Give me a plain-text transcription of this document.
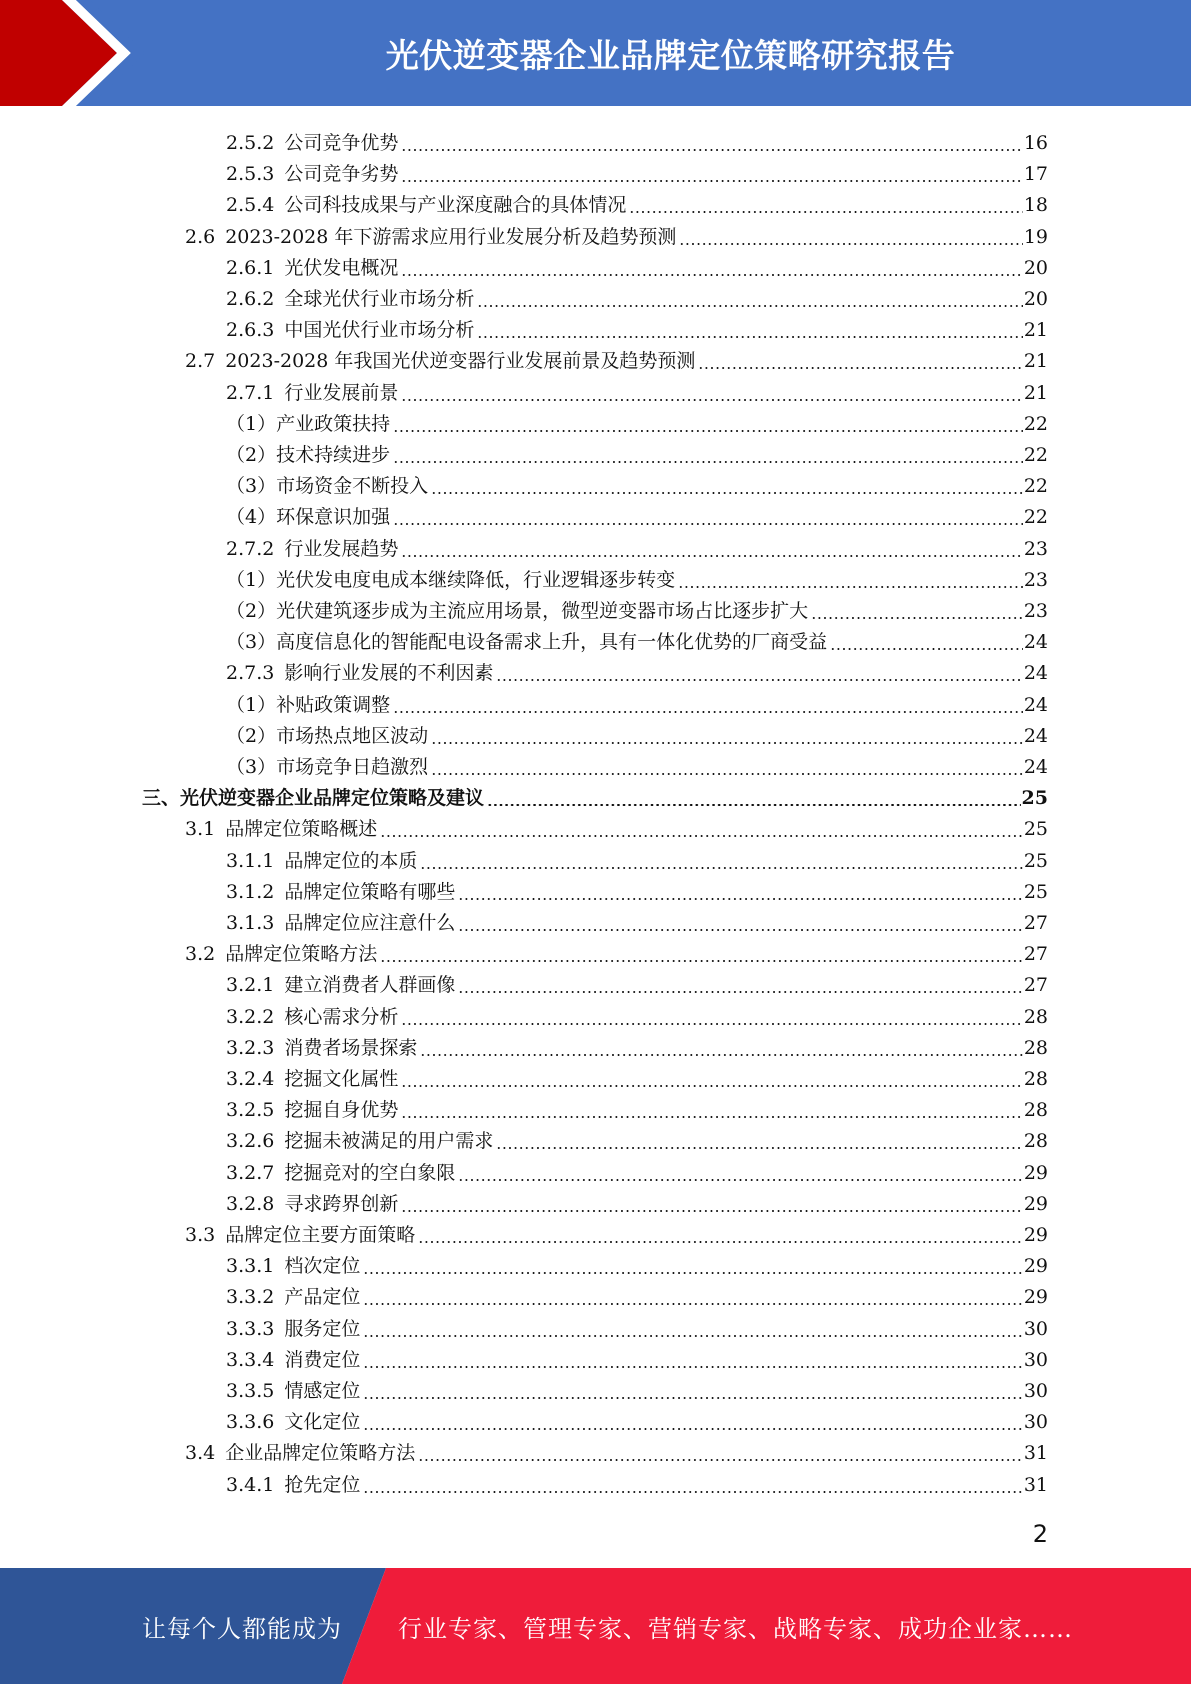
光伏逆变器企业品牌定位策略研究报告
2.5.2 公司竞争优势	16
2.5.3 公司竞争劣势	17
2.5.4 公司科技成果与产业深度融合的具体情况	18
2.6 2023-2028 年下游需求应用行业发展分析及趋势预测	19
2.6.1 光伏发电概况	20
2.6.2 全球光伏行业市场分析	20
2.6.3 中国光伏行业市场分析	21
2.7 2023-2028 年我国光伏逆变器行业发展前景及趋势预测	21
2.7.1 行业发展前景	21
（1）产业政策扶持	22
（2）技术持续进步	22
（3）市场资金不断投入	22
（4）环保意识加强	22
2.7.2 行业发展趋势	23
（1）光伏发电度电成本继续降低，行业逻辑逐步转变	23
（2）光伏建筑逐步成为主流应用场景，微型逆变器市场占比逐步扩大	23
（3）高度信息化的智能配电设备需求上升，具有一体化优势的厂商受益	24
2.7.3 影响行业发展的不利因素	24
（1）补贴政策调整	24
（2）市场热点地区波动	24
（3）市场竞争日趋激烈	24
三、光伏逆变器企业品牌定位策略及建议	25
3.1 品牌定位策略概述	25
3.1.1 品牌定位的本质	25
3.1.2 品牌定位策略有哪些	25
3.1.3 品牌定位应注意什么	27
3.2 品牌定位策略方法	27
3.2.1 建立消费者人群画像	27
3.2.2 核心需求分析	28
3.2.3 消费者场景探索	28
3.2.4 挖掘文化属性	28
3.2.5 挖掘自身优势	28
3.2.6 挖掘未被满足的用户需求	28
3.2.7 挖掘竞对的空白象限	29
3.2.8 寻求跨界创新	29
3.3 品牌定位主要方面策略	29
3.3.1 档次定位	29
3.3.2 产品定位	29
3.3.3 服务定位	30
3.3.4 消费定位	30
3.3.5 情感定位	30
3.3.6 文化定位	30
3.4 企业品牌定位策略方法	31
3.4.1 抢先定位	31
2
让每个人都能成为 行业专家、管理专家、营销专家、战略专家、成功企业家……
